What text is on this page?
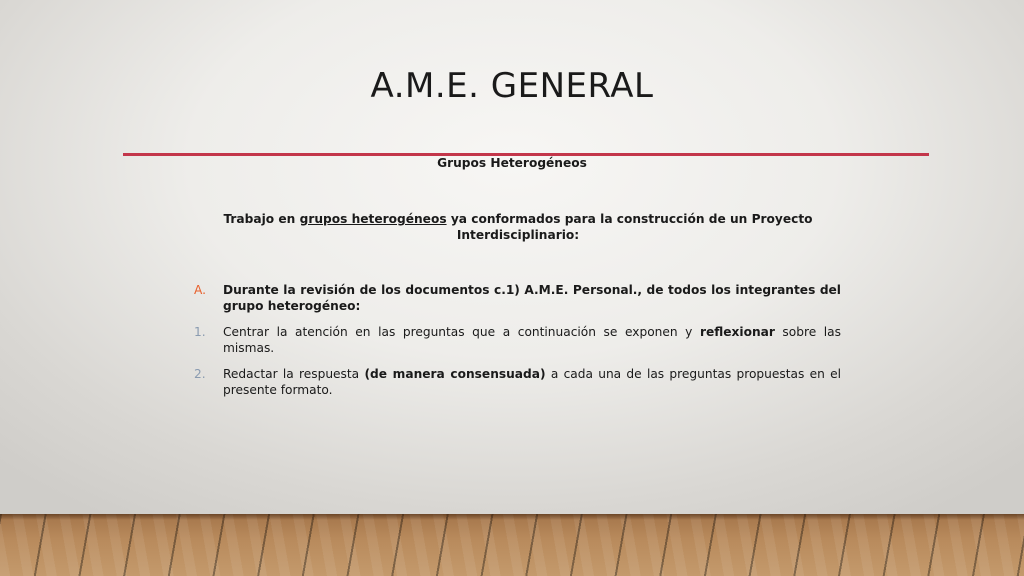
A.M.E. GENERAL
Grupos Heterogéneos
Trabajo en grupos heterogéneos ya conformados para la construcción de un Proyecto Interdisciplinario:
A. Durante la revisión de los documentos c.1) A.M.E. Personal., de todos los integrantes del grupo heterogéneo:
1. Centrar la atención en las preguntas que a continuación se exponen y reflexionar sobre las mismas.
2. Redactar la respuesta (de manera consensuada) a cada una de las preguntas propuestas en el presente formato.
